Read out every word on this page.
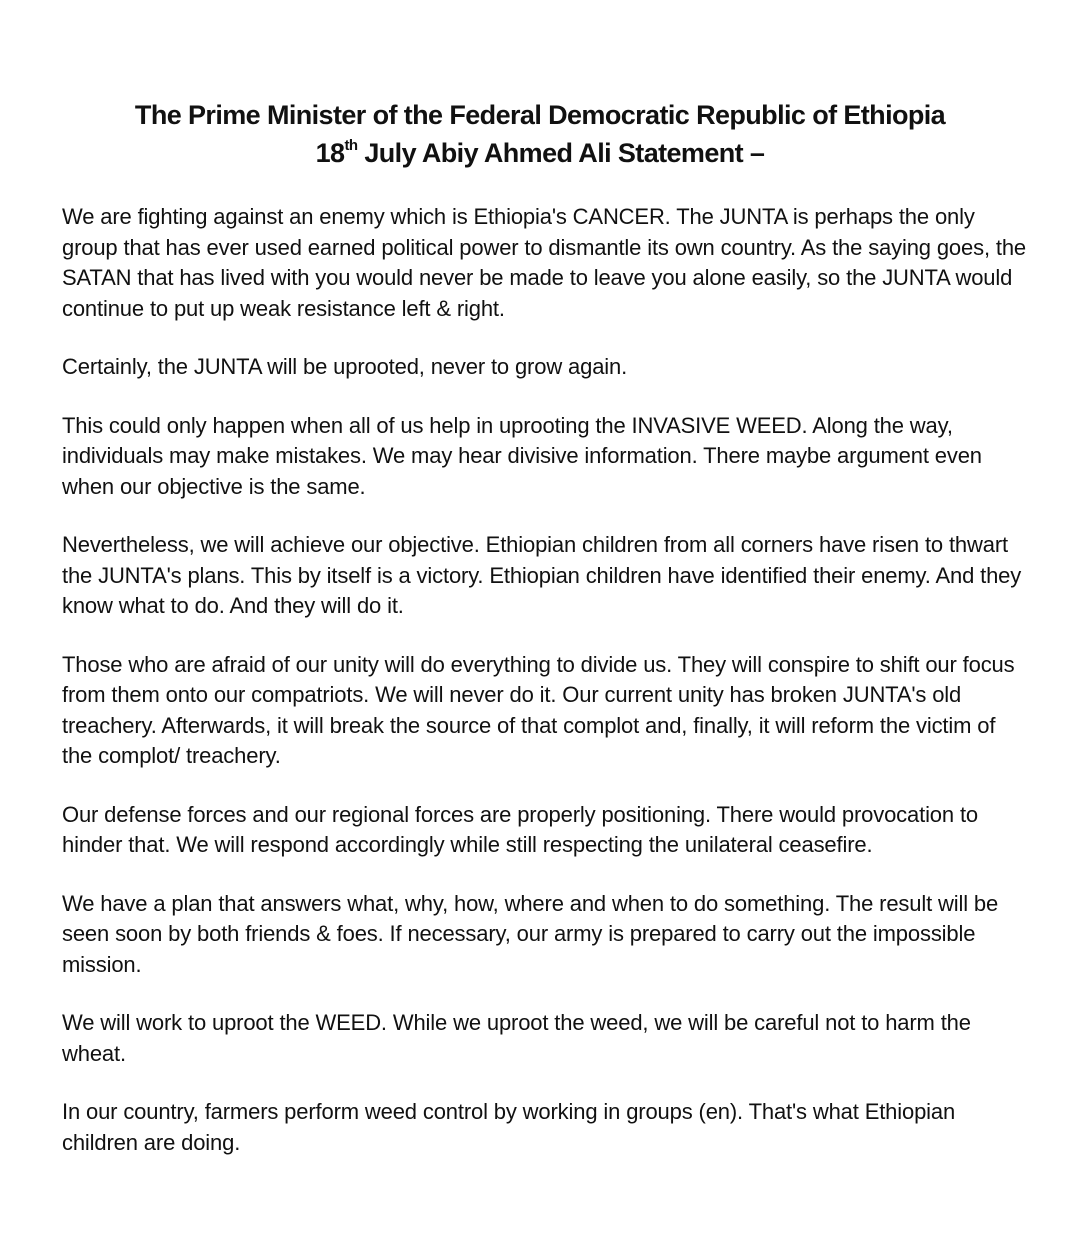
The Prime Minister of the Federal Democratic Republic of Ethiopia
18th July Abiy Ahmed Ali Statement –

We are fighting against an enemy which is Ethiopia's CANCER. The JUNTA is perhaps the only group that has ever used earned political power to dismantle its own country. As the saying goes, the SATAN that has lived with you would never be made to leave you alone easily, so the JUNTA would continue to put up weak resistance left & right.

Certainly, the JUNTA will be uprooted, never to grow again.

This could only happen when all of us help in uprooting the INVASIVE WEED. Along the way, individuals may make mistakes. We may hear divisive information. There maybe argument even when our objective is the same.

Nevertheless, we will achieve our objective. Ethiopian children from all corners have risen to thwart the JUNTA's plans. This by itself is a victory. Ethiopian children have identified their enemy. And they know what to do. And they will do it.

Those who are afraid of our unity will do everything to divide us. They will conspire to shift our focus from them onto our compatriots. We will never do it. Our current unity has broken JUNTA's old treachery. Afterwards, it will break the source of that complot and, finally, it will reform the victim of the complot/ treachery.

Our defense forces and our regional forces are properly positioning. There would provocation to hinder that. We will respond accordingly while still respecting the unilateral ceasefire.

We have a plan that answers what, why, how, where and when to do something. The result will be seen soon by both friends & foes. If necessary, our army is prepared to carry out the impossible mission.

We will work to uproot the WEED. While we uproot the weed, we will be careful not to harm the wheat.

In our country, farmers perform weed control by working in groups (en). That's what Ethiopian children are doing.
